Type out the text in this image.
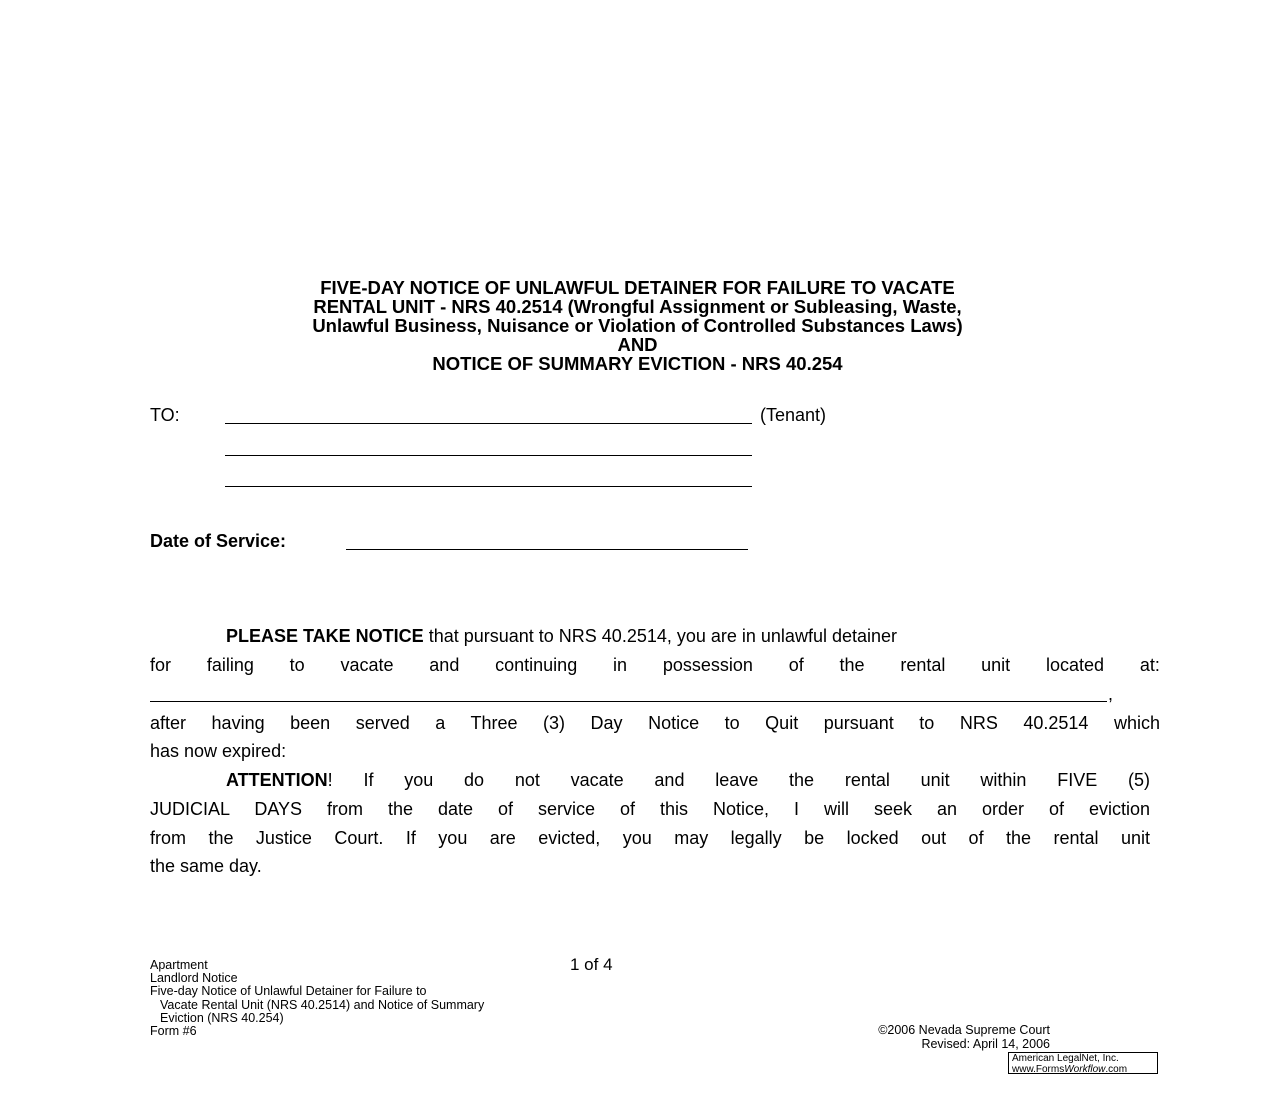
FIVE-DAY NOTICE OF UNLAWFUL DETAINER FOR FAILURE TO VACATE
RENTAL UNIT - NRS 40.2514 (Wrongful Assignment or Subleasing, Waste,
Unlawful Business, Nuisance or Violation of Controlled Substances Laws)
AND
NOTICE OF SUMMARY EVICTION - NRS 40.254
TO:	(Tenant)
Date of Service:
PLEASE TAKE NOTICE that pursuant to NRS 40.2514, you are in unlawful detainer
for failing to vacate and continuing in possession of the rental unit located at:
,
after having been served a Three (3) Day Notice to Quit pursuant to NRS 40.2514 which
has now expired:
ATTENTION! If you do not vacate and leave the rental unit within FIVE (5)
JUDICIAL DAYS from the date of service of this Notice, I will seek an order of eviction
from the Justice Court. If you are evicted, you may legally be locked out of the rental unit
the same day.
Apartment
Landlord Notice
Five-day Notice of Unlawful Detainer for Failure to
Vacate Rental Unit (NRS 40.2514) and Notice of Summary
Eviction (NRS 40.254)
Form #6
1 of 4
©2006 Nevada Supreme Court
Revised: April 14, 2006
American LegalNet, Inc.
www.FormsWorkflow.com
